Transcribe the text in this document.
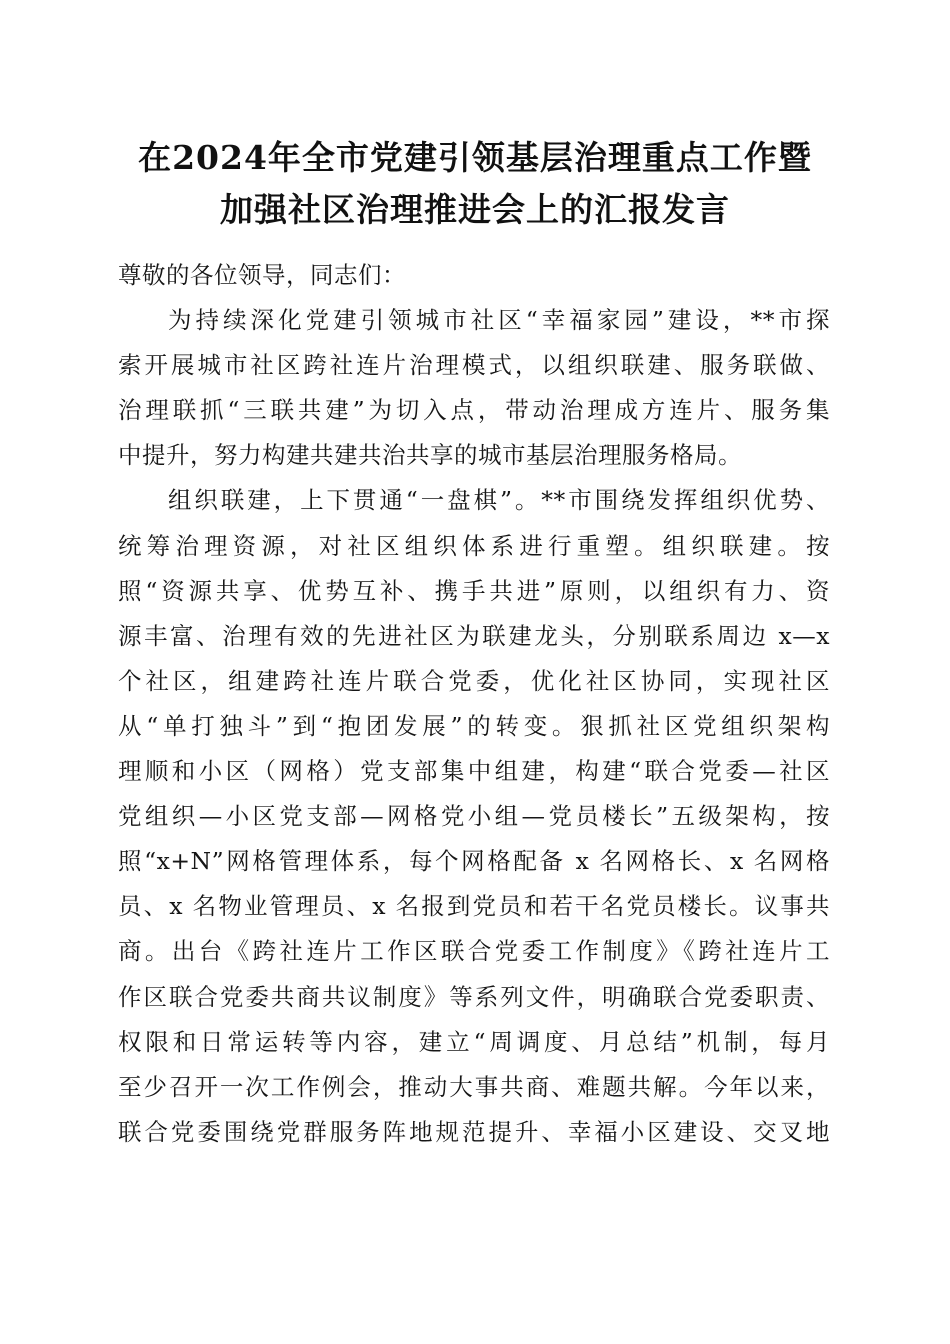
在2024年全市党建引领基层治理重点工作暨
加强社区治理推进会上的汇报发言
尊敬的各位领导，同志们：
为持续深化党建引领城市社区“幸福家园”建设，**市探
索开展城市社区跨社连片治理模式，以组织联建、服务联做、
治理联抓“三联共建”为切入点，带动治理成方连片、服务集
中提升，努力构建共建共治共享的城市基层治理服务格局。
组织联建，上下贯通“一盘棋”。**市围绕发挥组织优势、
统筹治理资源，对社区组织体系进行重塑。组织联建。按
照“资源共享、优势互补、携手共进”原则，以组织有力、资
源丰富、治理有效的先进社区为联建龙头，分别联系周边 x—x
个社区，组建跨社连片联合党委，优化社区协同，实现社区
从“单打独斗”到“抱团发展”的转变。狠抓社区党组织架构
理顺和小区（网格）党支部集中组建，构建“联合党委—社区
党组织—小区党支部—网格党小组—党员楼长”五级架构，按
照“x+N”网格管理体系，每个网格配备 x 名网格长、x 名网格
员、x 名物业管理员、x 名报到党员和若干名党员楼长。议事共
商。出台《跨社连片工作区联合党委工作制度》《跨社连片工
作区联合党委共商共议制度》等系列文件，明确联合党委职责、
权限和日常运转等内容，建立“周调度、月总结”机制，每月
至少召开一次工作例会，推动大事共商、难题共解。今年以来，
联合党委围绕党群服务阵地规范提升、幸福小区建设、交叉地
